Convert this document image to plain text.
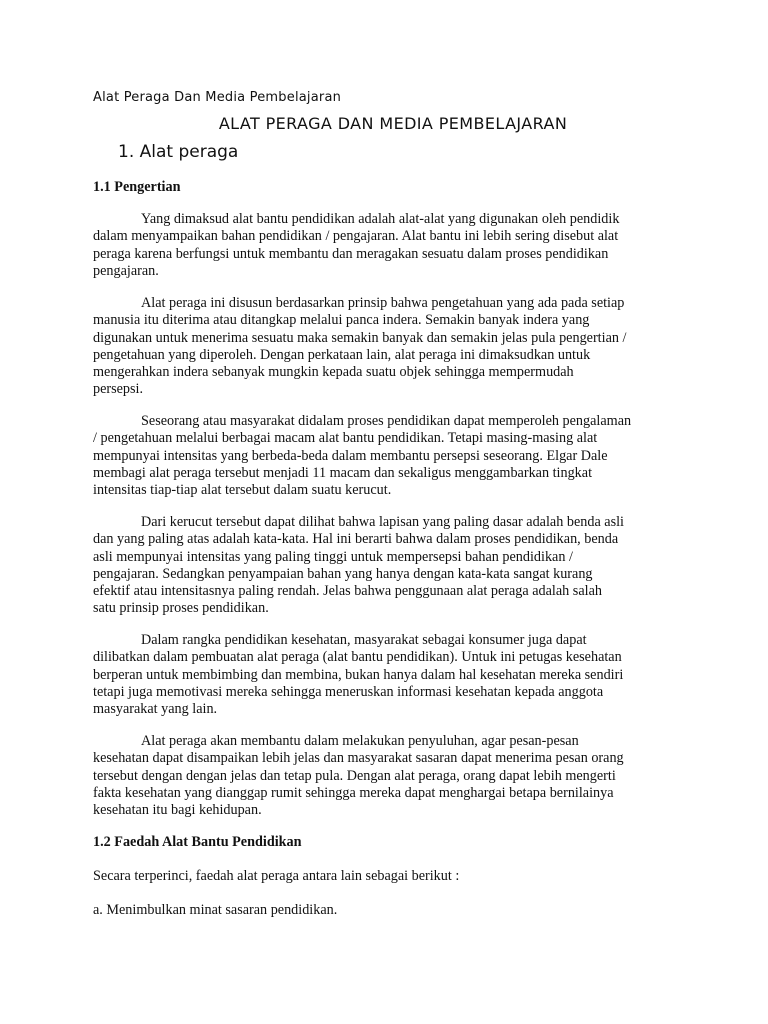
Alat Peraga Dan Media Pembelajaran
ALAT PERAGA DAN MEDIA PEMBELAJARAN
1. Alat peraga
1.1 Pengertian
Yang dimaksud alat bantu pendidikan adalah alat-alat yang digunakan oleh pendidik
dalam menyampaikan bahan pendidikan / pengajaran. Alat bantu ini lebih sering disebut alat
peraga karena berfungsi untuk membantu dan meragakan sesuatu dalam proses pendidikan
pengajaran.
Alat peraga ini disusun berdasarkan prinsip bahwa pengetahuan yang ada pada setiap
manusia itu diterima atau ditangkap melalui panca indera. Semakin banyak indera yang
digunakan untuk menerima sesuatu maka semakin banyak dan semakin jelas pula pengertian /
pengetahuan yang diperoleh. Dengan perkataan lain, alat peraga ini dimaksudkan untuk
mengerahkan indera sebanyak mungkin kepada suatu objek sehingga mempermudah
persepsi.
Seseorang atau masyarakat didalam proses pendidikan dapat memperoleh pengalaman
/ pengetahuan melalui berbagai macam alat bantu pendidikan. Tetapi masing-masing alat
mempunyai intensitas yang berbeda-beda dalam membantu persepsi seseorang. Elgar Dale
membagi alat peraga tersebut menjadi 11 macam dan sekaligus menggambarkan tingkat
intensitas tiap-tiap alat tersebut dalam suatu kerucut.
Dari kerucut tersebut dapat dilihat bahwa lapisan yang paling dasar adalah benda asli
dan yang paling atas adalah kata-kata. Hal ini berarti bahwa dalam proses pendidikan, benda
asli mempunyai intensitas yang paling tinggi untuk mempersepsi bahan pendidikan /
pengajaran. Sedangkan penyampaian bahan yang hanya dengan kata-kata sangat kurang
efektif atau intensitasnya paling rendah. Jelas bahwa penggunaan alat peraga adalah salah
satu prinsip proses pendidikan.
Dalam rangka pendidikan kesehatan, masyarakat sebagai konsumer juga dapat
dilibatkan dalam pembuatan alat peraga (alat bantu pendidikan). Untuk ini petugas kesehatan
berperan untuk membimbing dan membina, bukan hanya dalam hal kesehatan mereka sendiri
tetapi juga memotivasi mereka sehingga meneruskan informasi kesehatan kepada anggota
masyarakat yang lain.
Alat peraga akan membantu dalam melakukan penyuluhan, agar pesan-pesan
kesehatan dapat disampaikan lebih jelas dan masyarakat sasaran dapat menerima pesan orang
tersebut dengan dengan jelas dan tetap pula. Dengan alat peraga, orang dapat lebih mengerti
fakta kesehatan yang dianggap rumit sehingga mereka dapat menghargai betapa bernilainya
kesehatan itu bagi kehidupan.
1.2 Faedah Alat Bantu Pendidikan
Secara terperinci, faedah alat peraga antara lain sebagai berikut :
a. Menimbulkan minat sasaran pendidikan.
